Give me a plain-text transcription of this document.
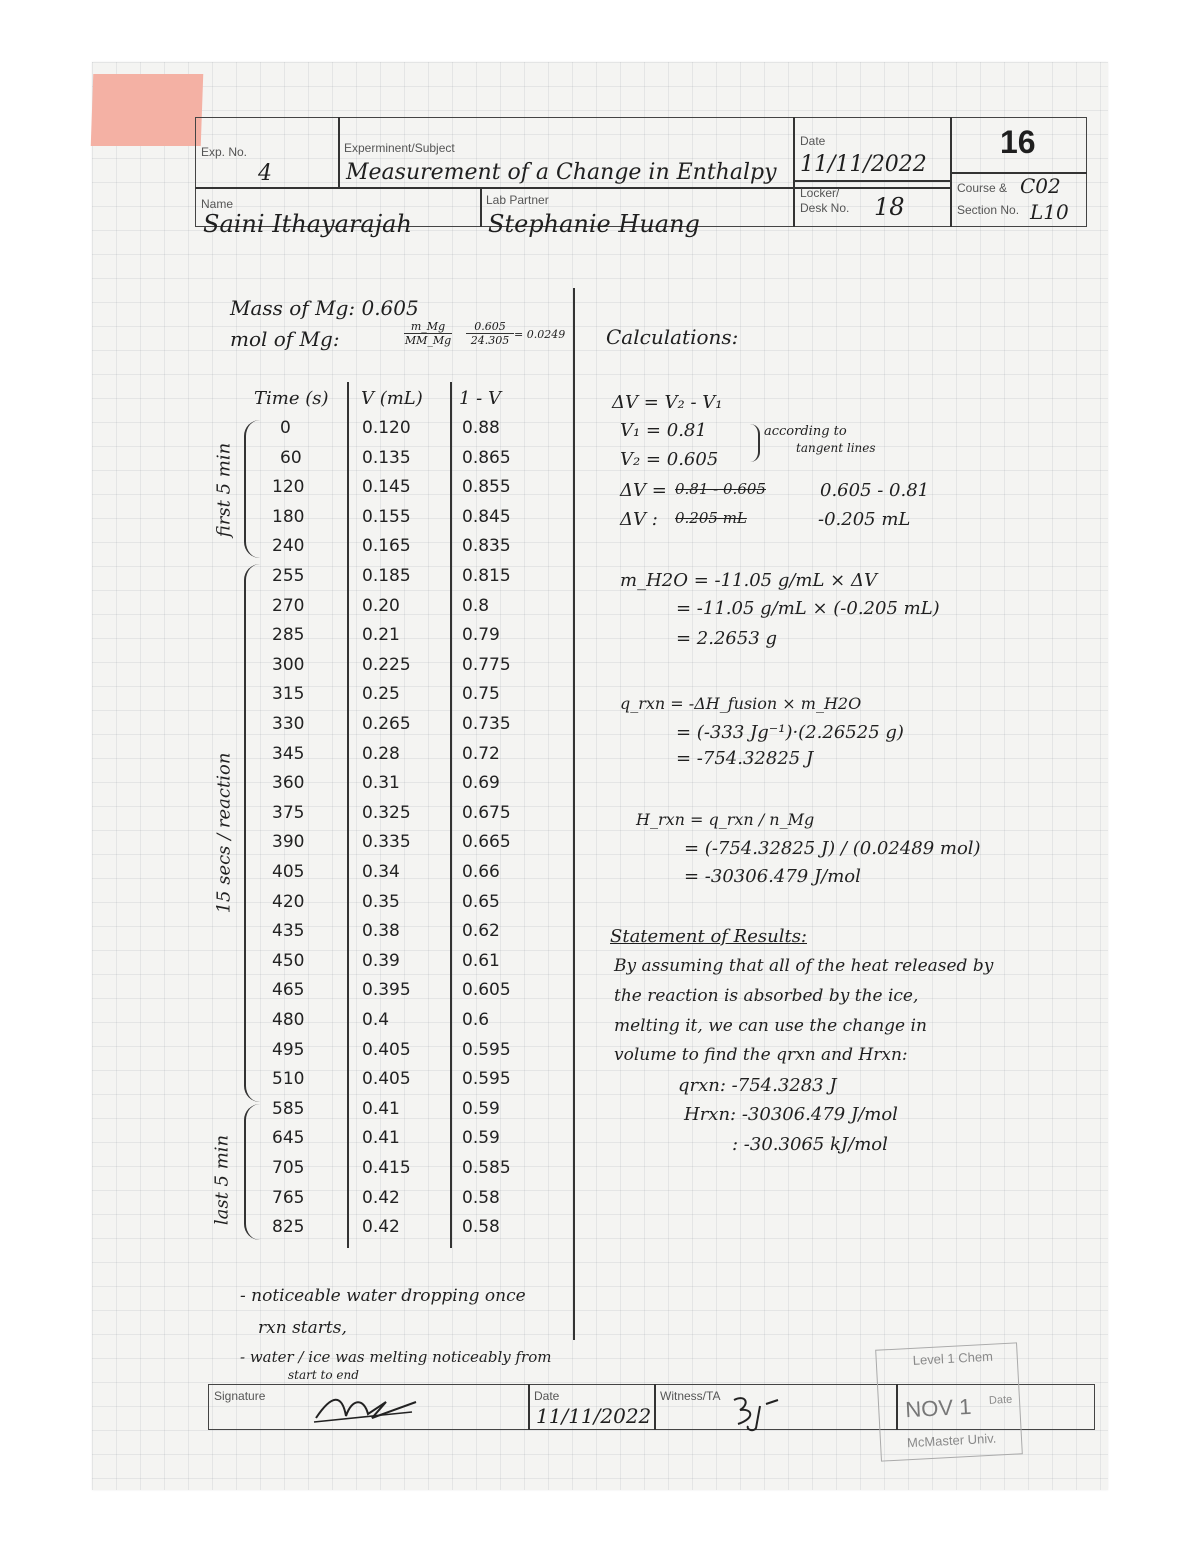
Exp. No.
4
Experminent/Subject
Measurement of a Change in Enthalpy
Date
11/11/2022
16
Name
Saini Ithayarajah
Lab Partner
Stephanie Huang
Locker/
Desk No. 18
Course &
Section No.
C02
L10
Mass of Mg: 0.605
mol of Mg:	$\frac{m\_Mg}{MM\_Mg} \frac{0.605}{24.305} = 0.0249$
Time (s) V (mL) 1 - V
0	0.120	0.88
60	0.135	0.865
120	0.145	0.855
180	0.155	0.845
240	0.165	0.835
255	0.185	0.815
270	0.20	0.8
285	0.21	0.79
300	0.225	0.775
315	0.25	0.75
330	0.265	0.735
345	0.28	0.72
360	0.31	0.69
375	0.325	0.675
390	0.335	0.665
405	0.34	0.66
420	0.35	0.65
435	0.38	0.62
450	0.39	0.61
465	0.395	0.605
480	0.4	0.6
495	0.405	0.595
510	0.405	0.595
585	0.41	0.59
645	0.41	0.59
705	0.415	0.585
765	0.42	0.58
825	0.42	0.58
first 5 min
15 secs / reaction
last 5 min
- noticeable water dropping once
rxn starts,
- water / ice was melting noticeably from
start to end
Calculations:
ΔV = V₂ - V₁
V₁ = 0.81
V₂ = 0.605
according to
tangent lines
ΔV = 0.81 - 0.605	0.605 - 0.81
ΔV : 0.205 mL	-0.205 mL
m_H2O = -11.05 g/mL × ΔV
= -11.05 g/mL × (-0.205 mL)
= 2.2653 g
q_rxn = -ΔH_fusion × m_H2O
= (-333 Jg⁻¹)·(2.26525 g)
= -754.32825 J
H_rxn = q_rxn / n_Mg
= (-754.32825 J) / (0.02489 mol)
= -30306.479 J/mol
Statement of Results:
By assuming that all of the heat released by
the reaction is absorbed by the ice,
melting it, we can use the change in
volume to find the qrxn and Hrxn:
qrxn: -754.3283 J
Hrxn: -30306.479 J/mol
: -30.3065 kJ/mol
Signature	Date
11/11/2022
Witness/TA
Level 1 Chem
NOV 1 Date
McMaster Univ.
